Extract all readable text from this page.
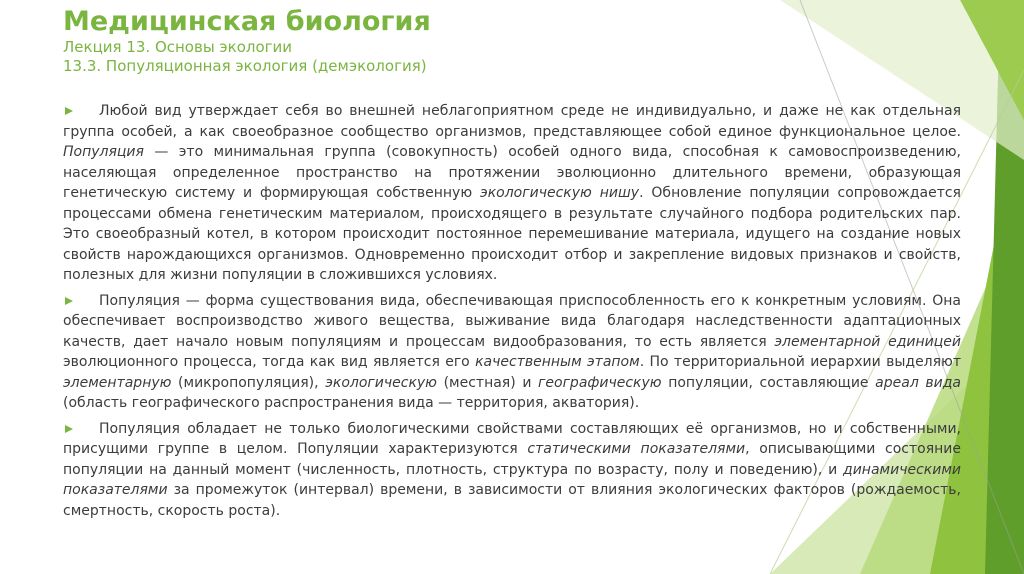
Медицинская биология
Лекция 13. Основы экологии
13.3. Популяционная экология (демэкология)
Любой вид утверждает себя во внешней неблагоприятном среде не индивидуально, и даже не как отдельная группа особей, а как своеобразное сообщество организмов, представляющее собой единое функциональное целое. Популяция — это минимальная группа (совокупность) особей одного вида, способная к самовоспроизведению, населяющая определенное пространство на протяжении эволюционно длительного времени, образующая генетическую систему и формирующая собственную экологическую нишу. Обновление популяции сопровождается процессами обмена генетическим материалом, происходящего в результате случайного подбора родительских пар. Это своеобразный котел, в котором происходит постоянное перемешивание материала, идущего на создание новых свойств нарождающихся организмов. Одновременно происходит отбор и закрепление видовых признаков и свойств, полезных для жизни популяции в сложившихся условиях.
Популяция — форма существования вида, обеспечивающая приспособленность его к конкретным условиям. Она обеспечивает воспроизводство живого вещества, выживание вида благодаря наследственности адаптационных качеств, дает начало новым популяциям и процессам видообразования, то есть является элементарной единицей эволюционного процесса, тогда как вид является его качественным этапом. По территориальной иерархии выделяют элементарную (микропопуляция), экологическую (местная) и географическую популяции, составляющие ареал вида (область географического распространения вида — территория, акватория).
Популяция обладает не только биологическими свойствами составляющих её организмов, но и собственными, присущими группе в целом. Популяции характеризуются статическими показателями, описывающими состояние популяции на данный момент (численность, плотность, структура по возрасту, полу и поведению), и динамическими показателями за промежуток (интервал) времени, в зависимости от влияния экологических факторов (рождаемость, смертность, скорость роста).
